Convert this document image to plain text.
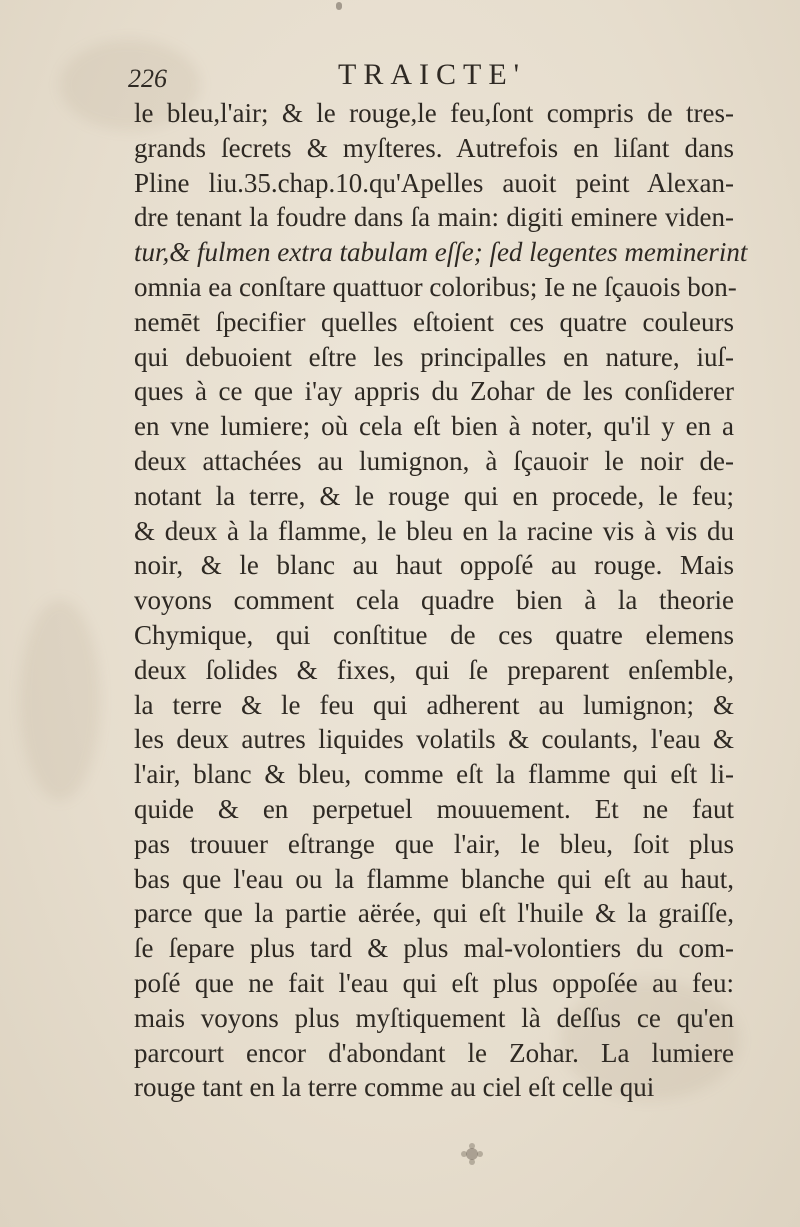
226	TRAICTE'
le bleu,l'air; & le rouge,le feu,ſont compris de tres-
grands ſecrets & myſteres. Autrefois en liſant dans
Pline liu.35.chap.10.qu'Apelles auoit peint Alexan-
dre tenant la foudre dans ſa main: digiti eminere viden-
tur,& fulmen extra tabulam eſſe; ſed legentes meminerint
omnia ea conſtare quattuor coloribus; Ie ne ſçauois bon-
nemēt ſpecifier quelles eſtoient ces quatre couleurs
qui debuoient eſtre les principalles en nature, iuſ-
ques à ce que i'ay appris du Zohar de les conſiderer
en vne lumiere; où cela eſt bien à noter, qu'il y en a
deux attachées au lumignon, à ſçauoir le noir de-
notant la terre, & le rouge qui en procede, le feu;
& deux à la flamme, le bleu en la racine vis à vis du
noir, & le blanc au haut oppoſé au rouge. Mais
voyons comment cela quadre bien à la theorie
Chymique, qui conſtitue de ces quatre elemens
deux ſolides & fixes, qui ſe preparent enſemble,
la terre & le feu qui adherent au lumignon; &
les deux autres liquides volatils & coulants, l'eau &
l'air, blanc & bleu, comme eſt la flamme qui eſt li-
quide & en perpetuel mouuement. Et ne faut
pas trouuer eſtrange que l'air, le bleu, ſoit plus
bas que l'eau ou la flamme blanche qui eſt au haut,
parce que la partie aërée, qui eſt l'huile & la graiſſe,
ſe ſepare plus tard & plus mal-volontiers du com-
poſé que ne fait l'eau qui eſt plus oppoſée au feu:
mais voyons plus myſtiquement là deſſus ce qu'en
parcourt encor d'abondant le Zohar. La lumiere
rouge tant en la terre comme au ciel eſt celle qui
